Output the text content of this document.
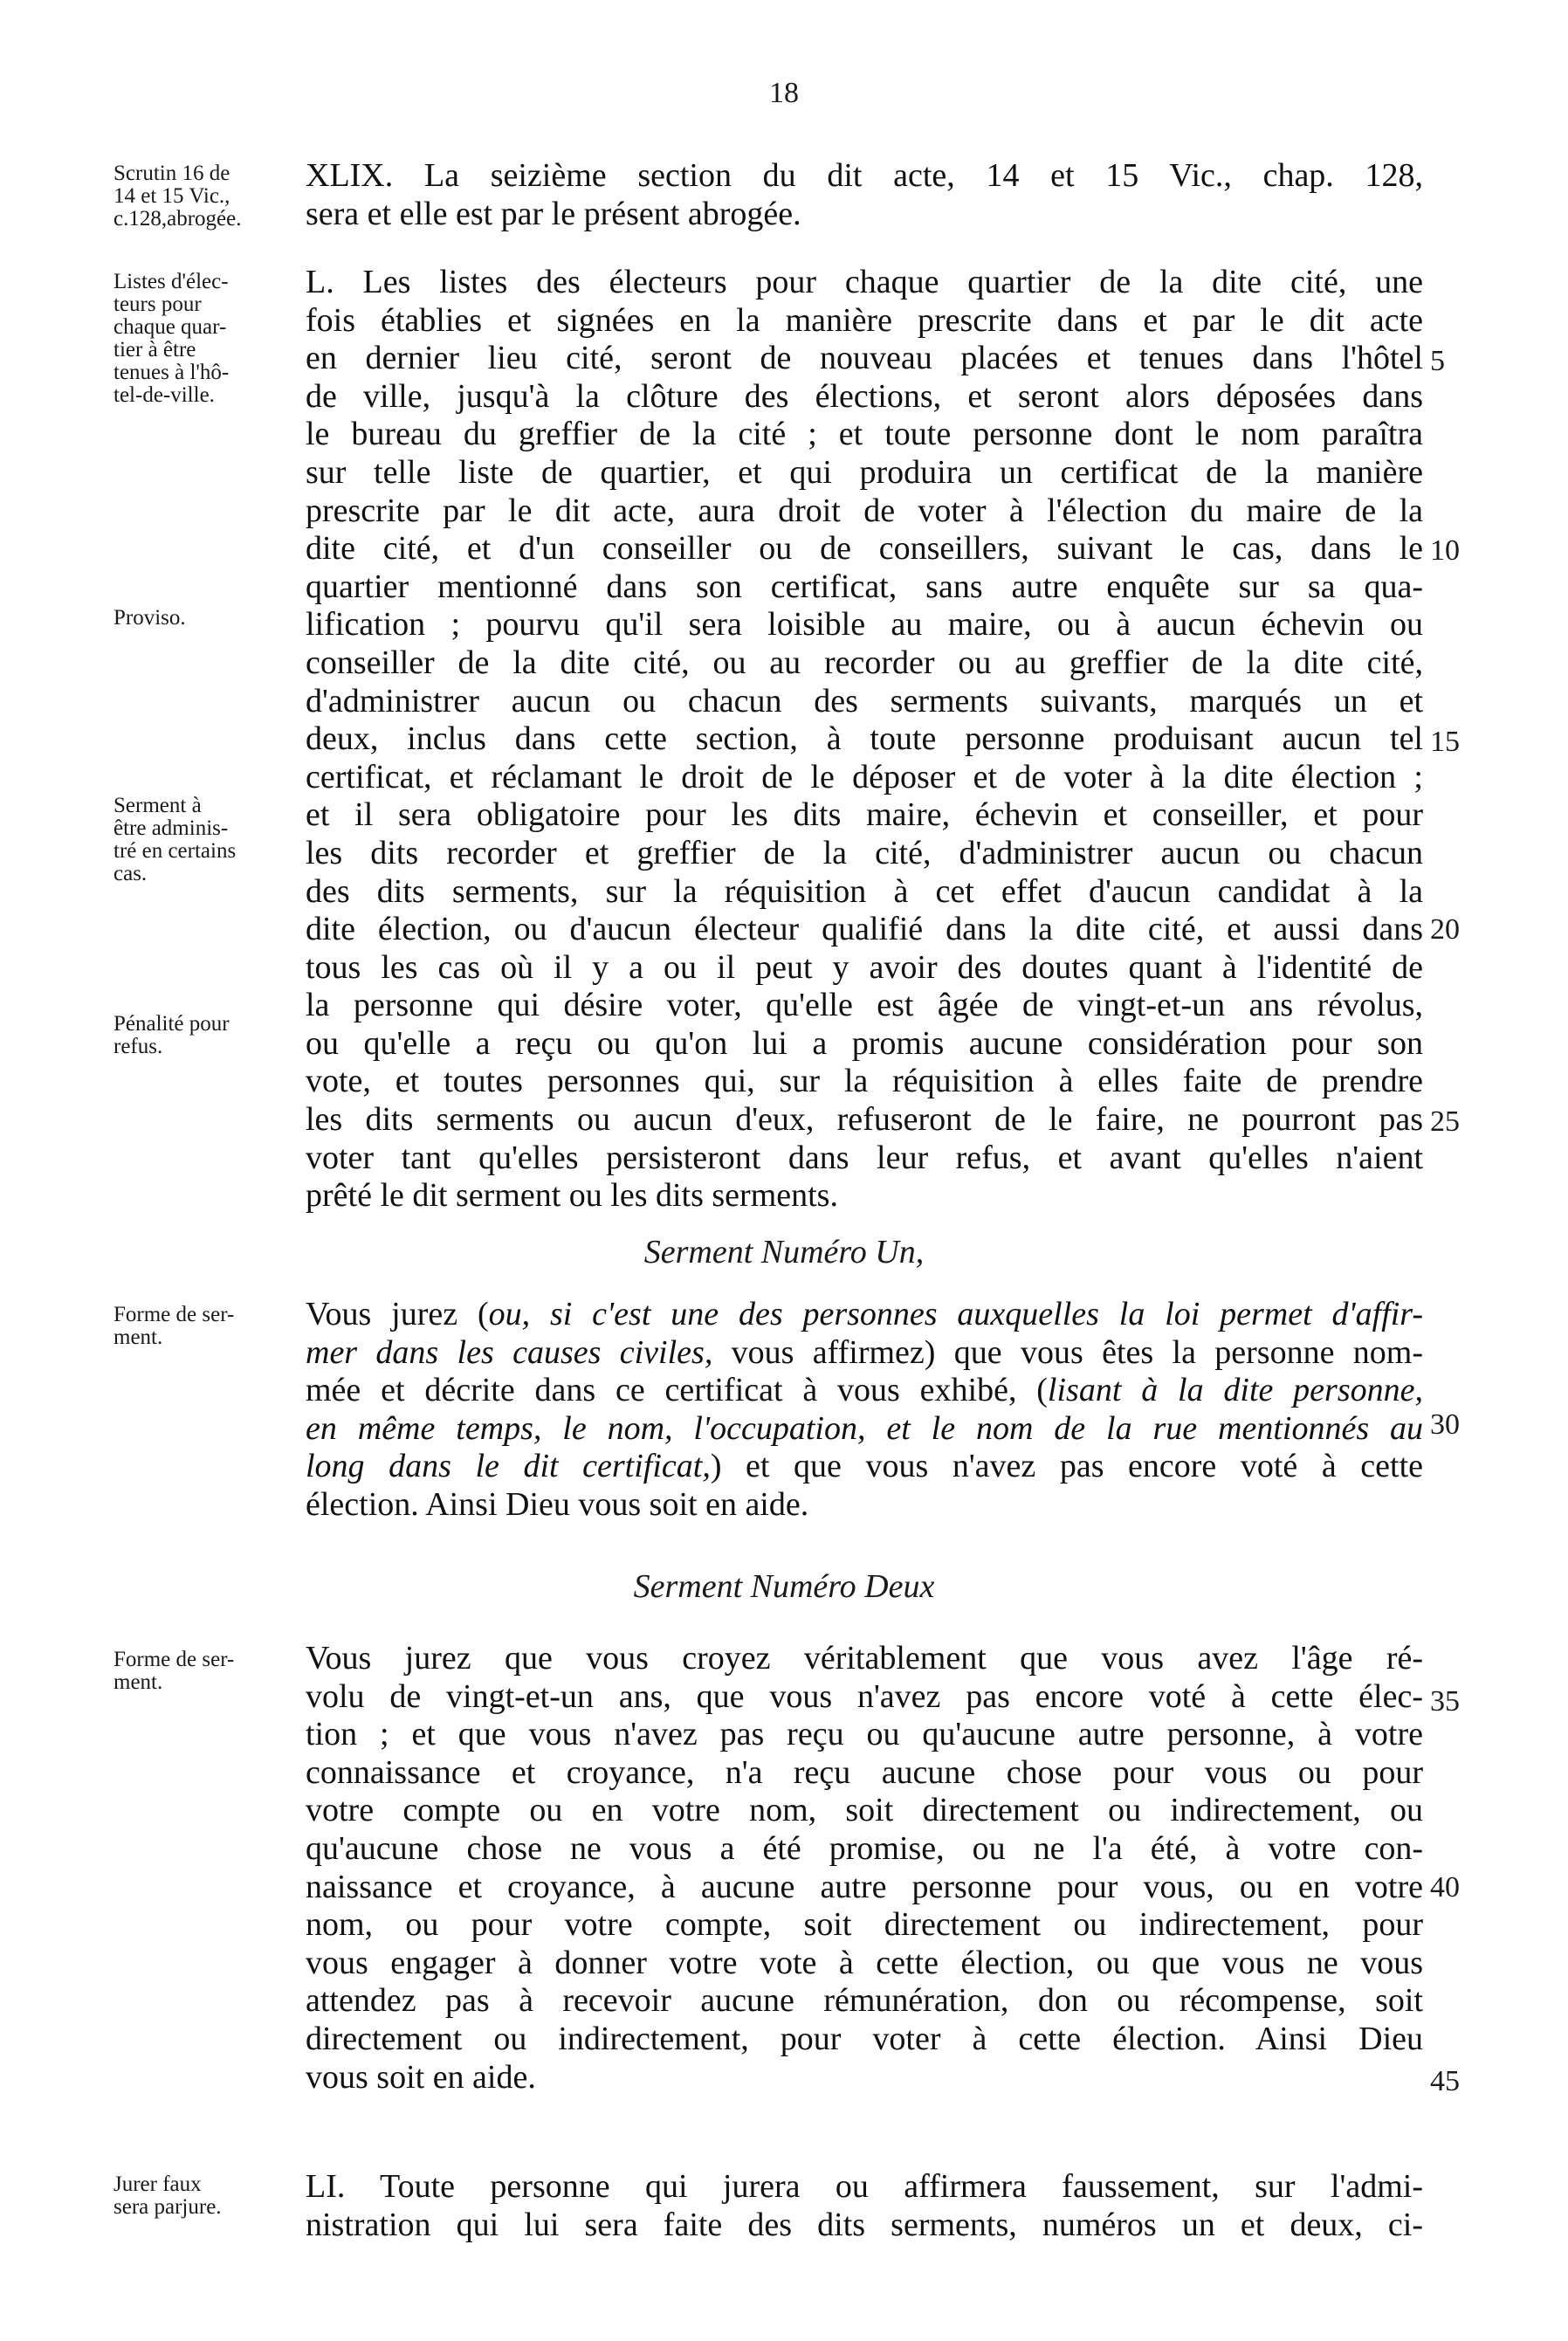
18
Scrutin 16 de
14 et 15 Vic.,
c.128,abrogée.
Listes d'élec-
teurs pour
chaque quar-
tier à être
tenues à l'hô-
tel-de-ville.
Proviso.
Serment à
être adminis-
tré en certains
cas.
Pénalité pour
refus.
Forme de ser-
ment.
Forme de ser-
ment.
Jurer faux
sera parjure.
XLIX. La seizième section du dit acte, 14 et 15 Vic., chap. 128,
sera et elle est par le présent abrogée.
L. Les listes des électeurs pour chaque quartier de la dite cité, une
fois établies et signées en la manière prescrite dans et par le dit acte
en dernier lieu cité, seront de nouveau placées et tenues dans l'hôtel
de ville, jusqu'à la clôture des élections, et seront alors déposées dans
le bureau du greffier de la cité ; et toute personne dont le nom paraîtra
sur telle liste de quartier, et qui produira un certificat de la manière
prescrite par le dit acte, aura droit de voter à l'élection du maire de la
dite cité, et d'un conseiller ou de conseillers, suivant le cas, dans le
quartier mentionné dans son certificat, sans autre enquête sur sa qua-
lification ; pourvu qu'il sera loisible au maire, ou à aucun échevin ou
conseiller de la dite cité, ou au recorder ou au greffier de la dite cité,
d'administrer aucun ou chacun des serments suivants, marqués un et
deux, inclus dans cette section, à toute personne produisant aucun tel
certificat, et réclamant le droit de le déposer et de voter à la dite élection ;
et il sera obligatoire pour les dits maire, échevin et conseiller, et pour
les dits recorder et greffier de la cité, d'administrer aucun ou chacun
des dits serments, sur la réquisition à cet effet d'aucun candidat à la
dite élection, ou d'aucun électeur qualifié dans la dite cité, et aussi dans
tous les cas où il y a ou il peut y avoir des doutes quant à l'identité de
la personne qui désire voter, qu'elle est âgée de vingt-et-un ans révolus,
ou qu'elle a reçu ou qu'on lui a promis aucune considération pour son
vote, et toutes personnes qui, sur la réquisition à elles faite de prendre
les dits serments ou aucun d'eux, refuseront de le faire, ne pourront pas
voter tant qu'elles persisteront dans leur refus, et avant qu'elles n'aient
prêté le dit serment ou les dits serments.
Serment Numéro Un,
Vous jurez (ou, si c'est une des personnes auxquelles la loi permet d'affir-
mer dans les causes civiles, vous affirmez) que vous êtes la personne nom-
mée et décrite dans ce certificat à vous exhibé, (lisant à la dite personne,
en même temps, le nom, l'occupation, et le nom de la rue mentionnés au
long dans le dit certificat,) et que vous n'avez pas encore voté à cette
élection. Ainsi Dieu vous soit en aide.
Serment Numéro Deux
Vous jurez que vous croyez véritablement que vous avez l'âge ré-
volu de vingt-et-un ans, que vous n'avez pas encore voté à cette élec-
tion ; et que vous n'avez pas reçu ou qu'aucune autre personne, à votre
connaissance et croyance, n'a reçu aucune chose pour vous ou pour
votre compte ou en votre nom, soit directement ou indirectement, ou
qu'aucune chose ne vous a été promise, ou ne l'a été, à votre con-
naissance et croyance, à aucune autre personne pour vous, ou en votre
nom, ou pour votre compte, soit directement ou indirectement, pour
vous engager à donner votre vote à cette élection, ou que vous ne vous
attendez pas à recevoir aucune rémunération, don ou récompense, soit
directement ou indirectement, pour voter à cette élection. Ainsi Dieu
vous soit en aide.
LI. Toute personne qui jurera ou affirmera faussement, sur l'admi-
nistration qui lui sera faite des dits serments, numéros un et deux, ci-
5
10
15
20
25
30
35
40
45
